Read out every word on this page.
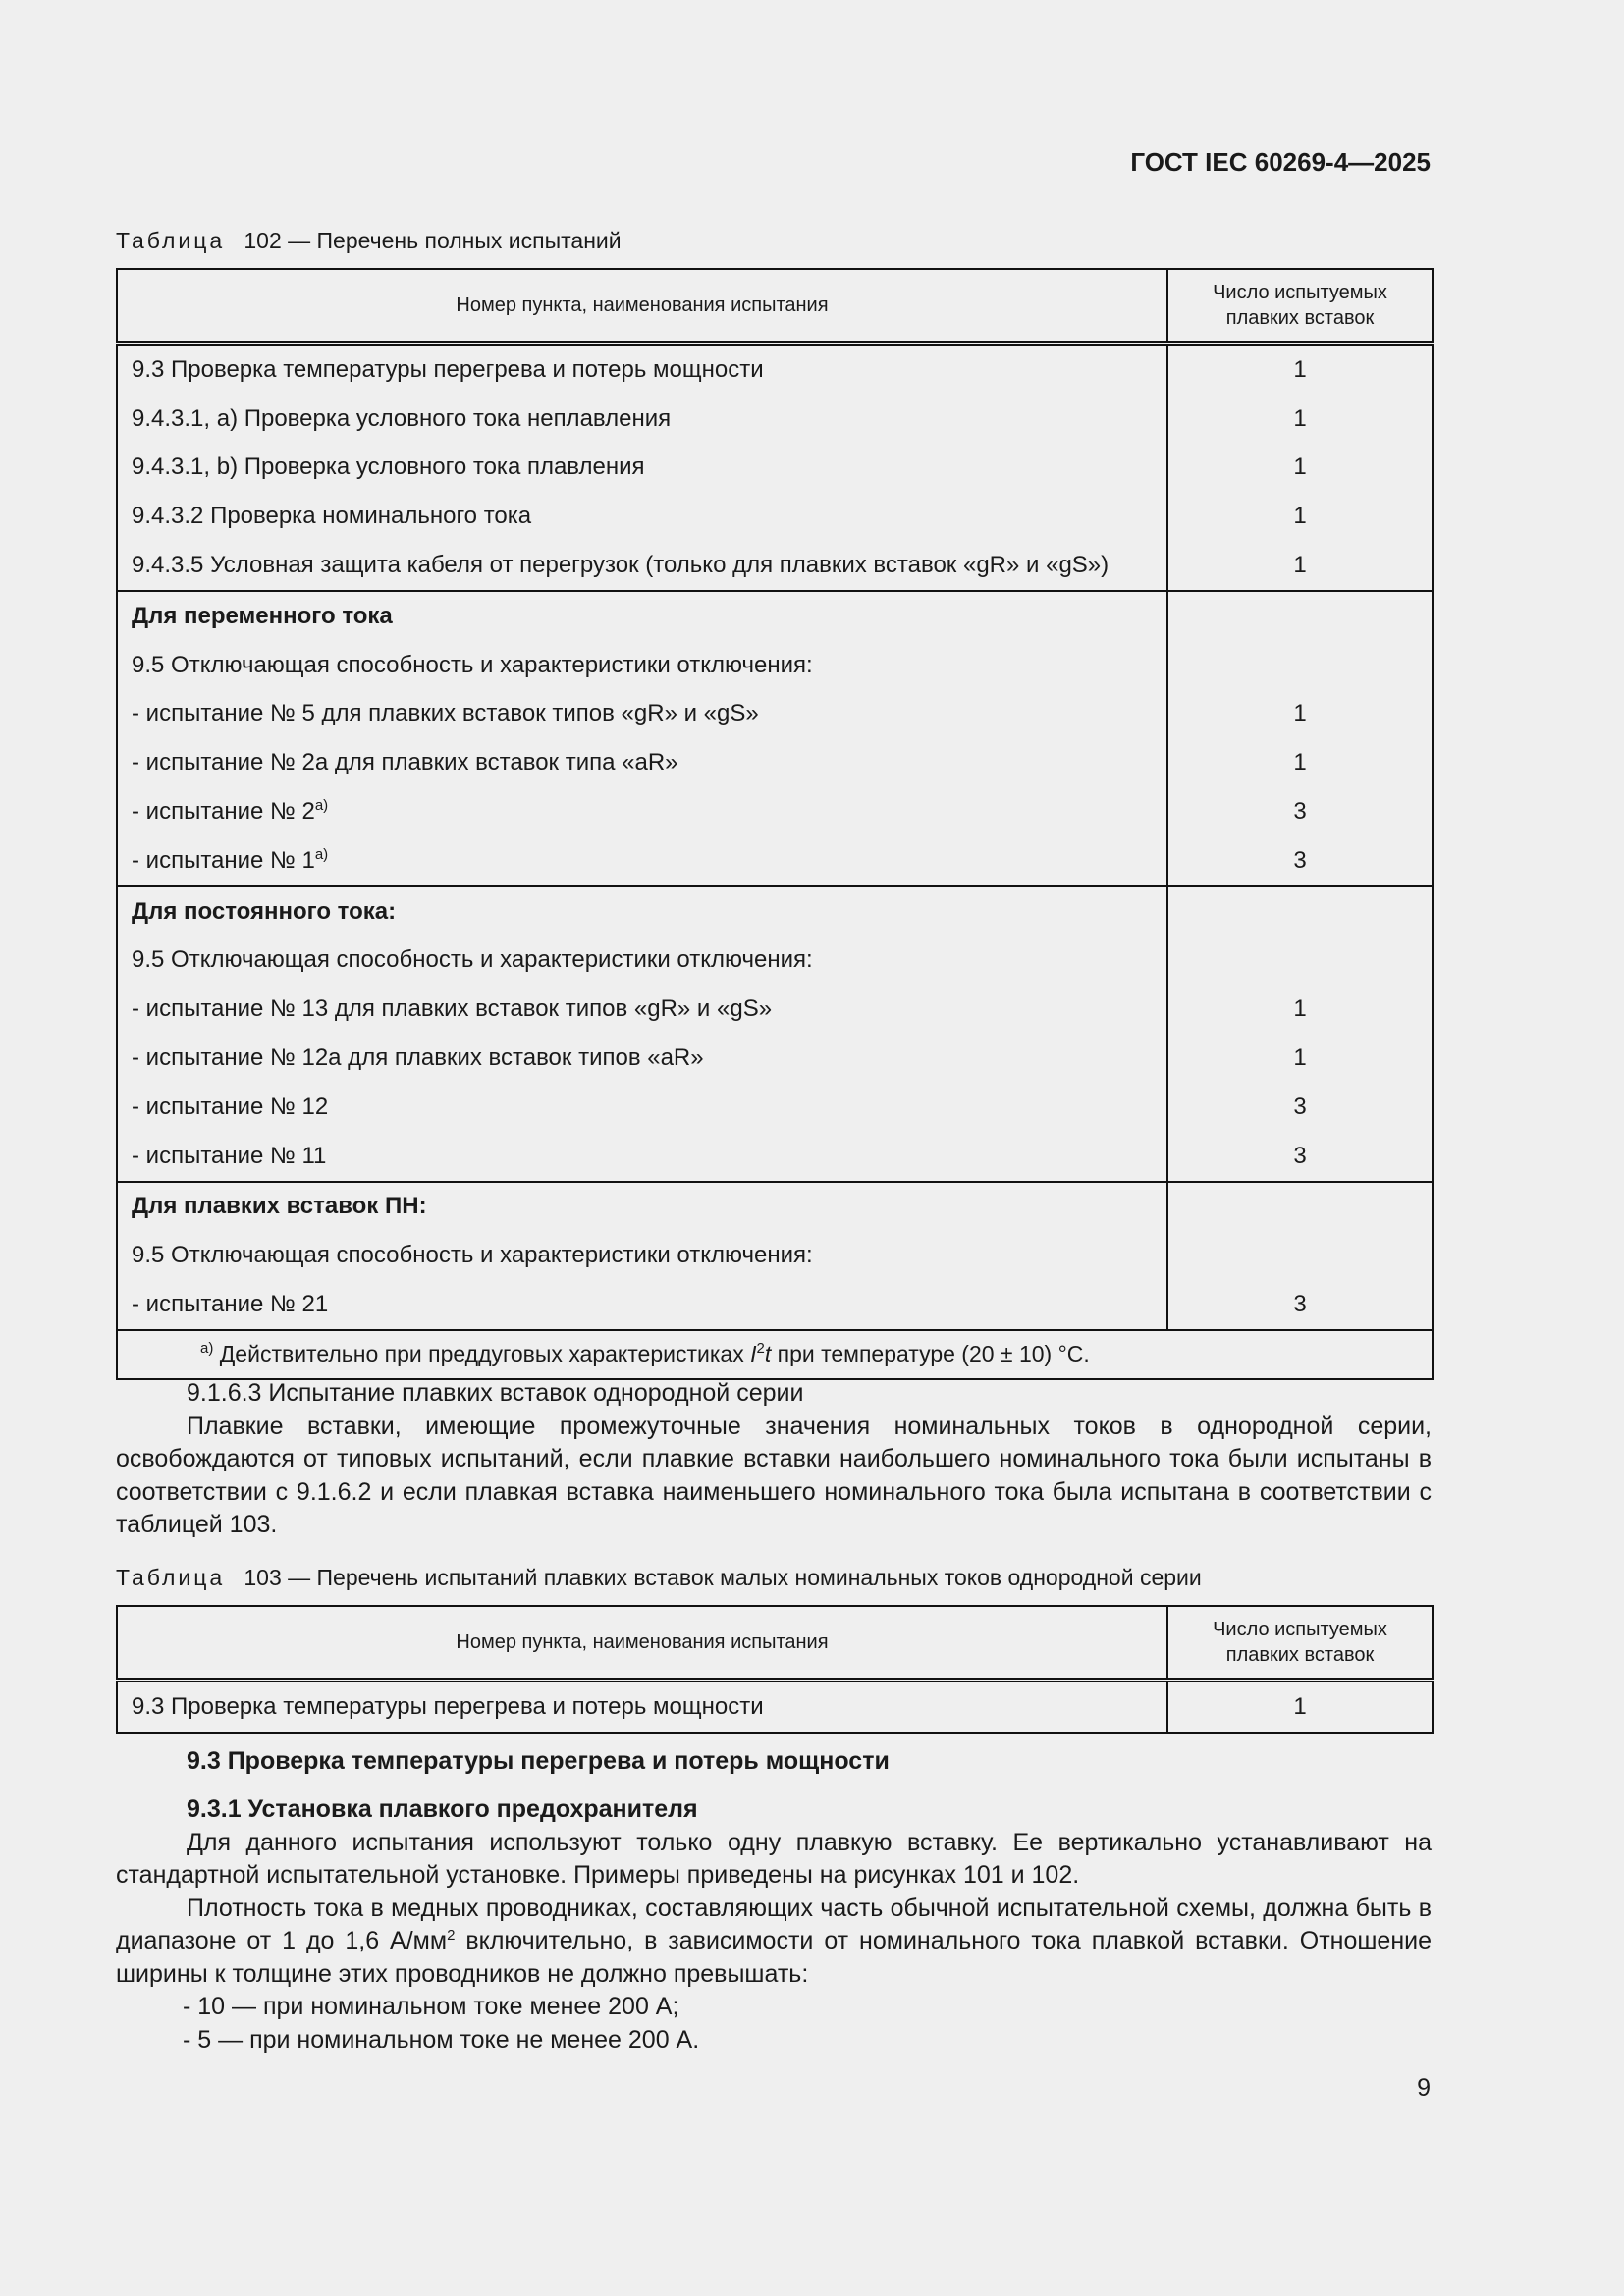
ГОСТ IEC 60269-4—2025
Таблица 102 — Перечень полных испытаний
Номер пункта, наименования испытания	Число испытуемых
плавких вставок

9.3 Проверка температуры перегрева и потерь мощности	1
9.4.3.1, a) Проверка условного тока неплавления	1
9.4.3.1, b) Проверка условного тока плавления	1
9.4.3.2 Проверка номинального тока	1
9.4.3.5 Условная защита кабеля от перегрузок (только для плавких вставок «gR» и «gS»)	1
Для переменного тока	
9.5 Отключающая способность и характеристики отключения:	
- испытание № 5 для плавких вставок типов «gR» и «gS»	1
- испытание № 2a для плавких вставок типа «aR»	1
- испытание № 2$^{a)}$	3
- испытание № 1$^{a)}$	3
Для постоянного тока:	
9.5 Отключающая способность и характеристики отключения:	
- испытание № 13 для плавких вставок типов «gR» и «gS»	1
- испытание № 12a для плавких вставок типов «aR»	1
- испытание № 12	3
- испытание № 11	3
Для плавких вставок ПН:	
9.5 Отключающая способность и характеристики отключения:	
- испытание № 21	3
$^{a)}$ Действительно при преддуговых характеристиках $I^2t$ при температуре (20 ± 10) °C.	
9.1.6.3 Испытание плавких вставок однородной серии
Плавкие вставки, имеющие промежуточные значения номинальных токов в однородной серии, освобождаются от типовых испытаний, если плавкие вставки наибольшего номинального тока были испытаны в соответствии с 9.1.6.2 и если плавкая вставка наименьшего номинального тока была испытана в соответствии с таблицей 103.
Таблица 103 — Перечень испытаний плавких вставок малых номинальных токов однородной серии
Номер пункта, наименования испытания	Число испытуемых
плавких вставок

9.3 Проверка температуры перегрева и потерь мощности	1
9.3 Проверка температуры перегрева и потерь мощности
9.3.1 Установка плавкого предохранителя
Для данного испытания используют только одну плавкую вставку. Ее вертикально устанавливают на стандартной испытательной установке. Примеры приведены на рисунках 101 и 102.
Плотность тока в медных проводниках, составляющих часть обычной испытательной схемы, должна быть в диапазоне от 1 до 1,6 $А/мм^2$ включительно, в зависимости от номинального тока плавкой вставки. Отношение ширины к толщине этих проводников не должно превышать:
- 10 — при номинальном токе менее 200 А;
- 5 — при номинальном токе не менее 200 А.
9
